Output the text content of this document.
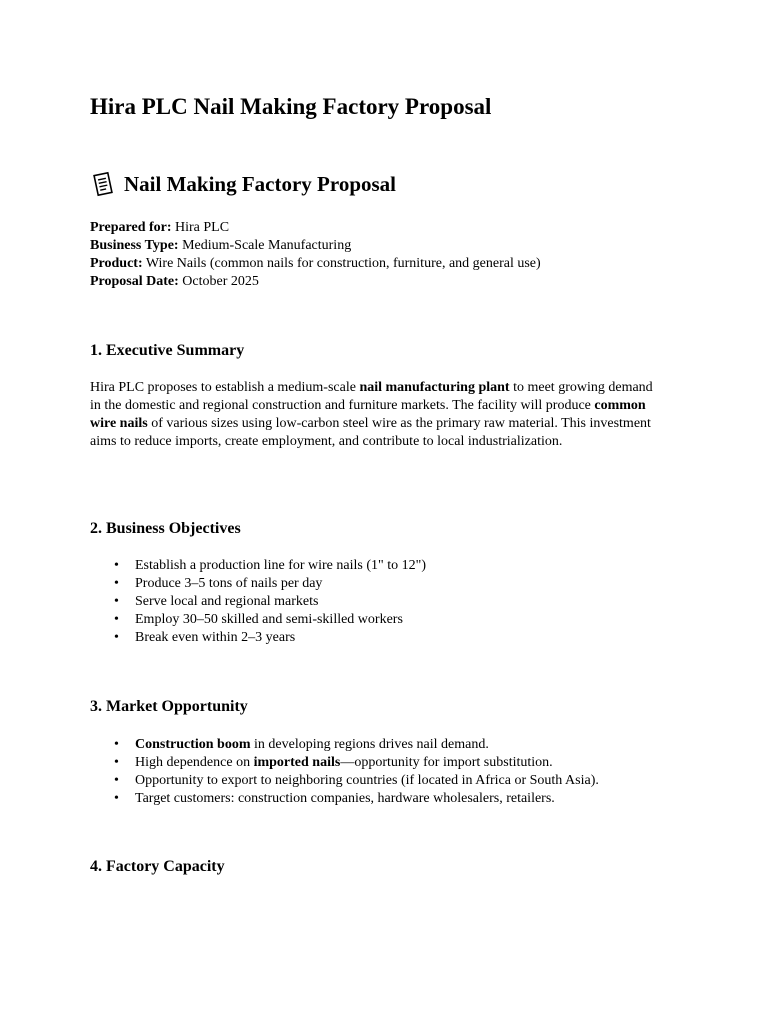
Hira PLC Nail Making Factory Proposal
Nail Making Factory Proposal
Prepared for: Hira PLC
Business Type: Medium-Scale Manufacturing
Product: Wire Nails (common nails for construction, furniture, and general use)
Proposal Date: October 2025
1. Executive Summary

Hira PLC proposes to establish a medium-scale nail manufacturing plant to meet growing demand in the domestic and regional construction and furniture markets. The facility will produce common wire nails of various sizes using low-carbon steel wire as the primary raw material. This investment aims to reduce imports, create employment, and contribute to local industrialization.

2. Business Objectives
• Establish a production line for wire nails (1" to 12")
• Produce 3–5 tons of nails per day
• Serve local and regional markets
• Employ 30–50 skilled and semi-skilled workers
• Break even within 2–3 years
3. Market Opportunity
• Construction boom in developing regions drives nail demand.
• High dependence on imported nails—opportunity for import substitution.
• Opportunity to export to neighboring countries (if located in Africa or South Asia).
• Target customers: construction companies, hardware wholesalers, retailers.
4. Factory Capacity
